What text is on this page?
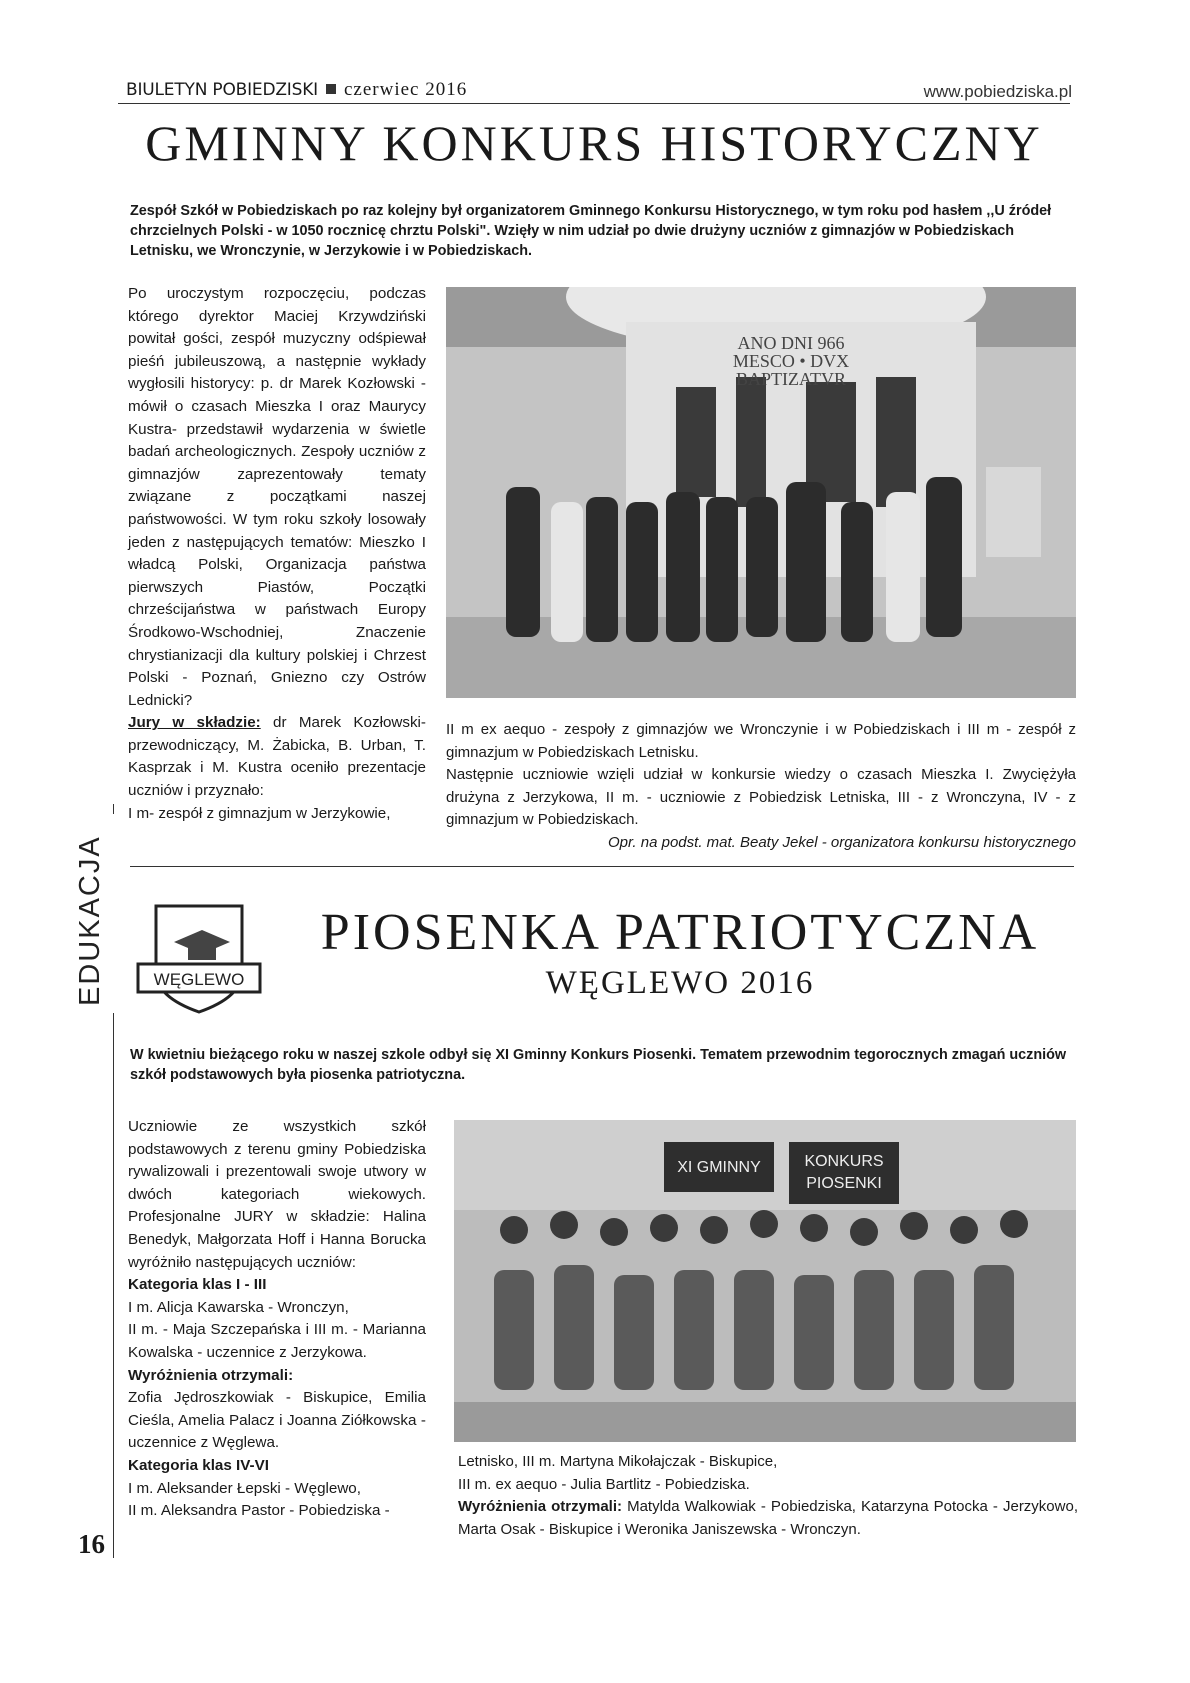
BIULETYN POBIEDZISKI czerwiec 2016	www.pobiedziska.pl
GMINNY KONKURS HISTORYCZNY
Zespół Szkół w Pobiedziskach po raz kolejny był organizatorem Gminnego Konkursu Historycznego, w tym roku pod hasłem ,,U źródeł chrzcielnych Polski - w 1050 rocznicę chrztu Polski". Wzięły w nim udział po dwie drużyny uczniów z gimnazjów w Pobiedziskach Letnisku, we Wronczynie, w Jerzykowie i w Pobiedziskach.

Po uroczystym rozpoczęciu, podczas którego dyrektor Maciej Krzywdziński powitał gości, zespół muzyczny odśpiewał pieśń jubileuszową, a następnie wykłady wygłosili historycy: p. dr Marek Kozłowski - mówił o czasach Mieszka I oraz Maurycy Kustra- przedstawił wydarzenia w świetle badań archeologicznych. Zespoły uczniów z gimnazjów zaprezentowały tematy związane z początkami naszej państwowości. W tym roku szkoły losowały jeden z następujących tematów: Mieszko I władcą Polski, Organizacja państwa pierwszych Piastów, Początki chrześcijaństwa w państwach Europy Środkowo-Wschodniej, Znaczenie chrystianizacji dla kultury polskiej i Chrzest Polski - Poznań, Gniezno czy Ostrów Lednicki?

Jury w składzie: dr Marek Kozłowski- przewodniczący, M. Żabicka, B. Urban, T. Kasprzak i M. Kustra oceniło prezentacje uczniów i przyznało:

I m- zespół z gimnazjum w Jerzykowie,

ANO DNI 966
MESCO • DVX
BAPTIZATVR

II m ex aequo - zespoły z gimnazjów we Wronczynie i w Pobiedziskach i III m - zespół z gimnazjum w Pobiedziskach Letnisku.

Następnie uczniowie wzięli udział w konkursie wiedzy o czasach Mieszka I. Zwyciężyła drużyna z Jerzykowa, II m. - uczniowie z Pobiedzisk Letniska, III - z Wronczyna, IV - z gimnazjum w Pobiedziskach.

Opr. na podst. mat. Beaty Jekel - organizatora konkursu historycznego

EDUKACJA	WĘGLEWO
PIOSENKA PATRIOTYCZNA
WĘGLEWO 2016
W kwietniu bieżącego roku w naszej szkole odbył się XI Gminny Konkurs Piosenki. Tematem przewodnim tegorocznych zmagań uczniów szkół podstawowych była piosenka patriotyczna.

Uczniowie ze wszystkich szkół podstawowych z terenu gminy Pobiedziska rywalizowali i prezentowali swoje utwory w dwóch kategoriach wiekowych. Profesjonalne JURY w składzie: Halina Benedyk, Małgorzata Hoff i Hanna Borucka wyróżniło następujących uczniów:

Kategoria klas I - III

I m. Alicja Kawarska - Wronczyn,

II m. - Maja Szczepańska i III m. - Marianna Kowalska - uczennice z Jerzykowa.

Wyróżnienia otrzymali:

Zofia Jędroszkowiak - Biskupice, Emilia Cieśla, Amelia Palacz i Joanna Ziółkowska - uczennice z Węglewa.

Kategoria klas IV-VI

I m. Aleksander Łepski - Węglewo,

II m. Aleksandra Pastor - Pobiedziska -

XI GMINNY	KONKURS
PIOSENKI

Letnisko, III m. Martyna Mikołajczak - Biskupice,

III m. ex aequo - Julia Bartlitz - Pobiedziska.

Wyróżnienia otrzymali: Matylda Walkowiak - Pobiedziska, Katarzyna Potocka - Jerzykowo, Marta Osak - Biskupice i Weronika Janiszewska - Wronczyn.

16
